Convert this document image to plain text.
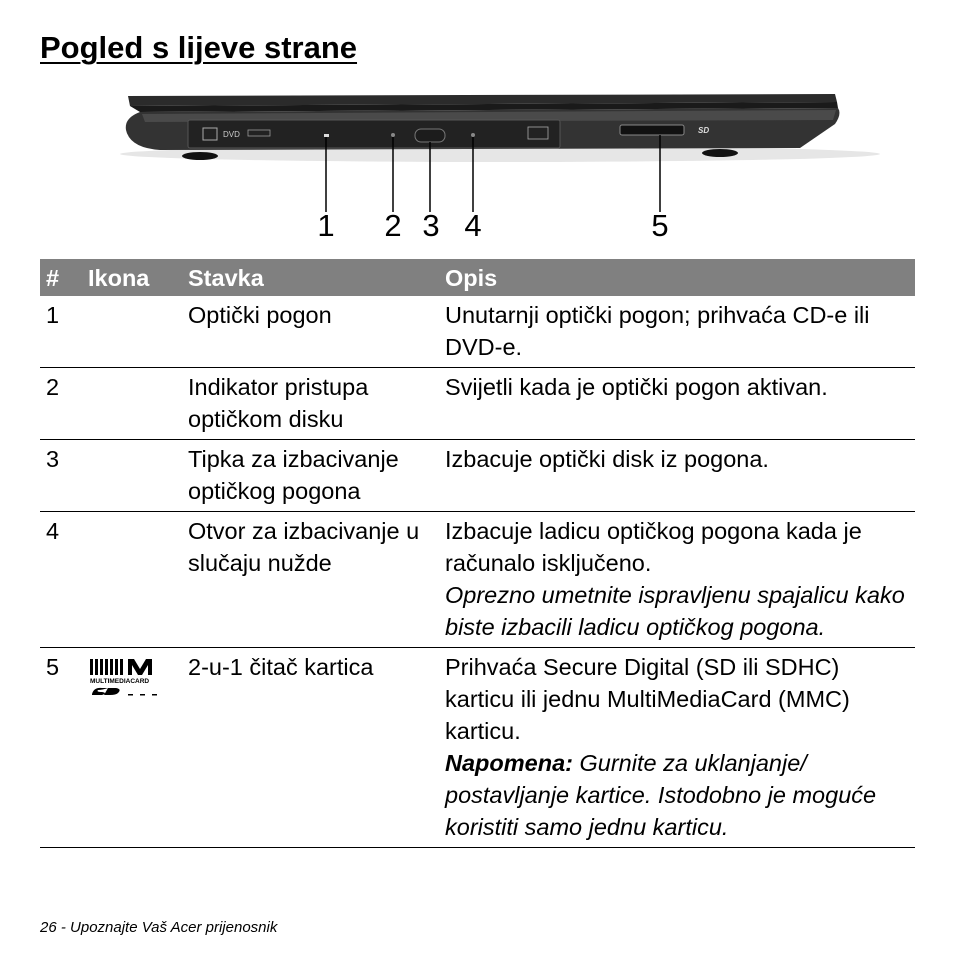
Pogled s lijeve strane
DVD	SD
1 2 3 4	5
#	Ikona	Stavka	Opis
1		Optički pogon	Unutarnji optički pogon; prihvaća CD-e ili DVD-e.
2		Indikator pristupa optičkom disku	Svijetli kada je optički pogon aktivan.
3		Tipka za izbacivanje optičkog pogona	Izbacuje optički disk iz pogona.
4		Otvor za izbacivanje u slučaju nužde	Izbacuje ladicu optičkog pogona kada je računalo isključeno.
Oprezno umetnite ispravljenu spajalicu kako biste izbacili ladicu optičkog pogona.

5	MULTIMEDIACARD	2-u-1 čitač kartica	Prihvaća Secure Digital (SD ili SDHC) karticu ili jednu MultiMediaCard (MMC) karticu.
Napomena: Gurnite za uklanjanje/ postavljanje kartice. Istodobno je moguće koristiti samo jednu karticu.
26 - Upoznajte Vaš Acer prijenosnik
